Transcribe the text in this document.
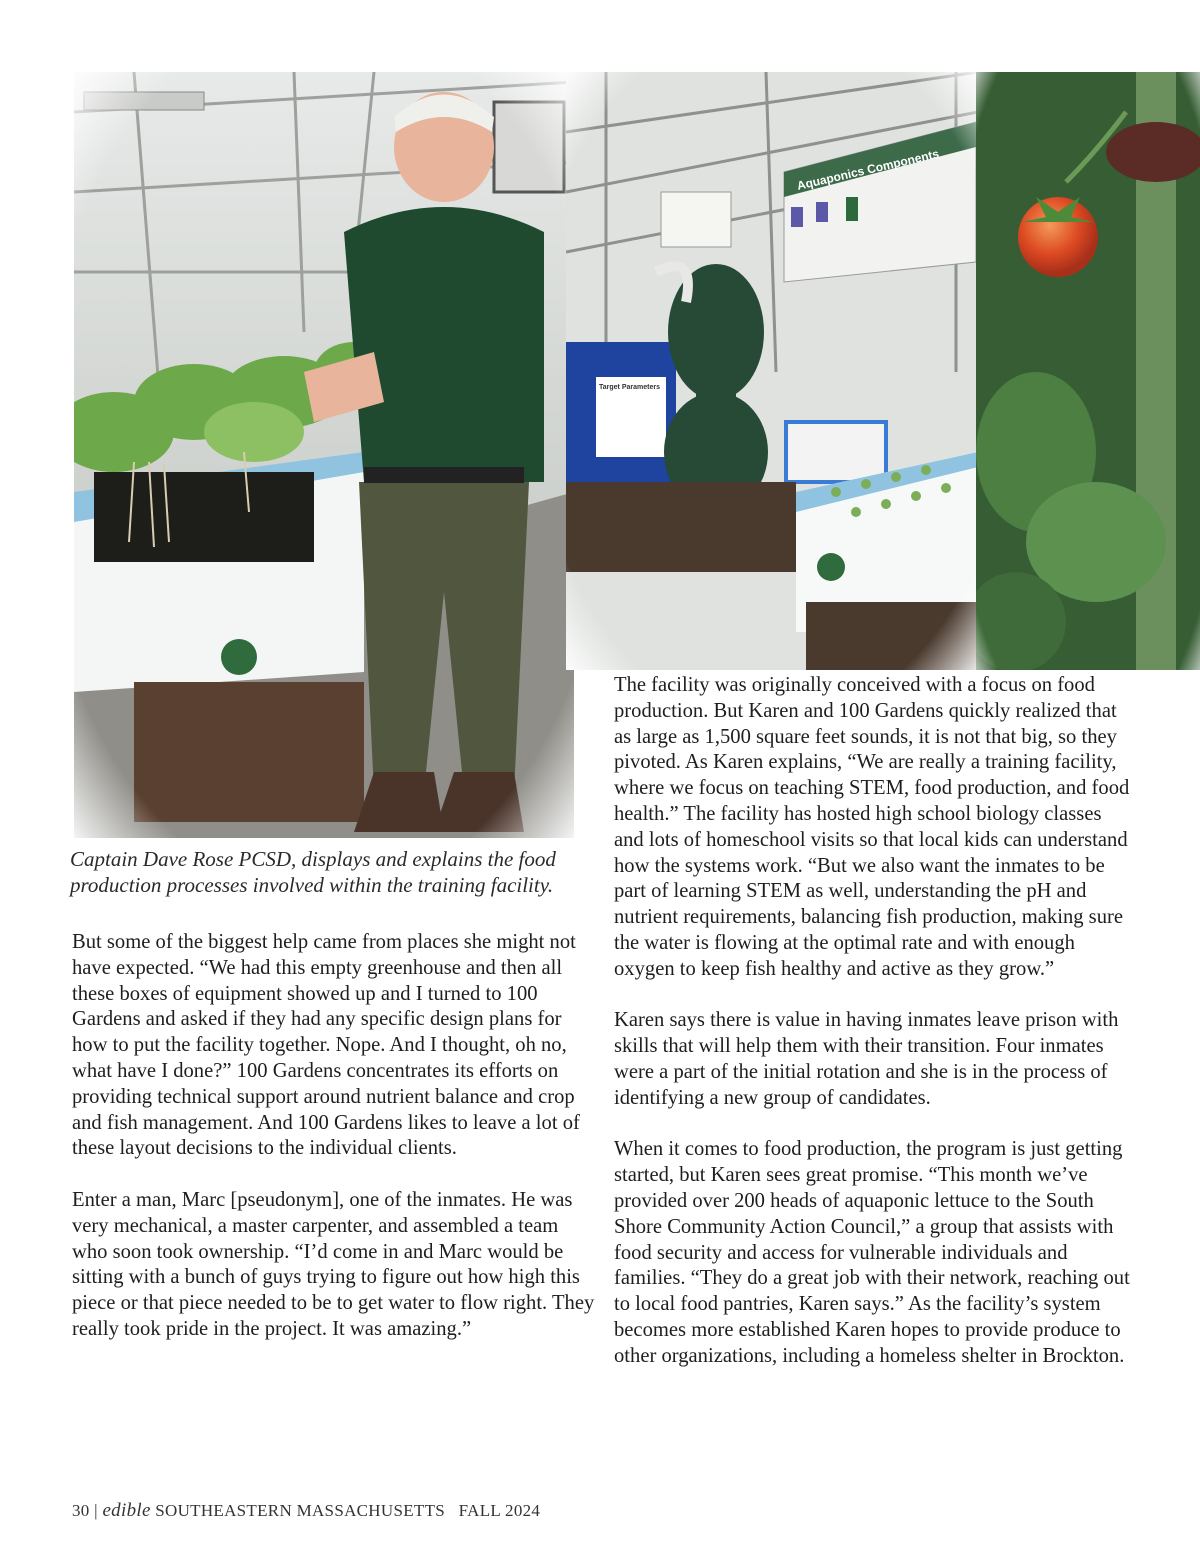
Captain Dave Rose PCSD, displays and explains the food production processes involved within the training facility.

But some of the biggest help came from places she might not have expected. “We had this empty greenhouse and then all these boxes of equipment showed up and I turned to 100 Gardens and asked if they had any specific design plans for how to put the facility together. Nope. And I thought, oh no, what have I done?” 100 Gardens concentrates its efforts on providing technical support around nutrient balance and crop and fish management. And 100 Gardens likes to leave a lot of these layout decisions to the individual clients.

Enter a man, Marc [pseudonym], one of the inmates. He was very mechanical, a master carpenter, and assembled a team who soon took ownership. “I’d come in and Marc would be sitting with a bunch of guys trying to figure out how high this piece or that piece needed to be to get water to flow right. They really took pride in the project. It was amazing.”

The facility was originally conceived with a focus on food production. But Karen and 100 Gardens quickly realized that as large as 1,500 square feet sounds, it is not that big, so they pivoted. As Karen explains, “We are really a training facility, where we focus on teaching STEM, food production, and food health.” The facility has hosted high school biology classes and lots of homeschool visits so that local kids can understand how the systems work. “But we also want the inmates to be part of learning STEM as well, understanding the pH and nutrient requirements, balancing fish production, making sure the water is flowing at the optimal rate and with enough oxygen to keep fish healthy and active as they grow.”

Karen says there is value in having inmates leave prison with skills that will help them with their transition. Four inmates were a part of the initial rotation and she is in the process of identifying a new group of candidates.

When it comes to food production, the program is just getting started, but Karen sees great promise. “This month we’ve provided over 200 heads of aquaponic lettuce to the South Shore Community Action Council,” a group that assists with food security and access for vulnerable individuals and families. “They do a great job with their network, reaching out to local food pantries, Karen says.” As the facility’s system becomes more established Karen hopes to provide produce to other organizations, including a homeless shelter in Brockton.

30 | edible SOUTHEASTERN MASSACHUSETTS FALL 2024
